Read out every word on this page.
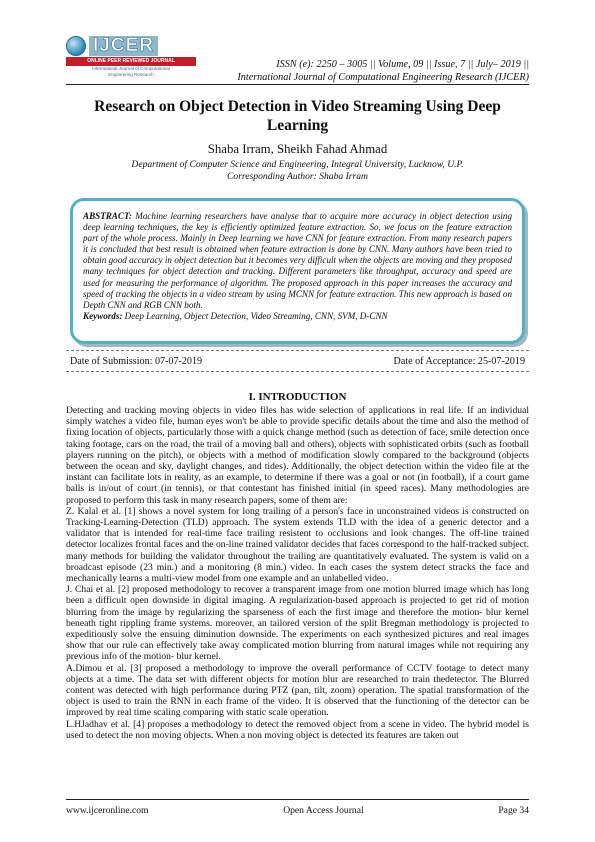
IJCER
ONLINE PEER REVIEWED JOURNAL
International Journal of Computational
Engineering Research
ISSN (e): 2250 – 3005 || Volume, 09 || Issue, 7 || July– 2019 ||
International Journal of Computational Engineering Research (IJCER)
Research on Object Detection in Video Streaming Using Deep Learning
Shaba Irram, Sheikh Fahad Ahmad
Department of Computer Science and Engineering, Integral University, Lucknow, U.P.
Corresponding Author: Shaba Irram
ABSTRACT: Machine learning researchers have analyse that to acquire more accuracy in object detection using deep learning techniques, the key is efficiently optimized feature extraction. So, we focus on the feature extraction part of the whole process. Mainly in Deep learning we have CNN for feature extraction. From many research papers it is concluded that best result is obtained when feature extraction is done by CNN. Many authors have been tried to obtain good accuracy in object detection but it becomes very difficult when the objects are moving and they proposed many techniques for object detection and tracking. Different parameters like throughput, accuracy and speed are used for measuring the performance of algorithm. The proposed approach in this paper increases the accuracy and speed of tracking the objects in a video stream by using MCNN for feature extraction. This new approach is based on Depth CNN and RGB CNN both.
Keywords: Deep Learning, Object Detection, Video Streaming, CNN, SVM, D-CNN
Date of Submission: 07-07-2019	Date of Acceptance: 25-07-2019
I. INTRODUCTION

Detecting and tracking moving objects in video files has wide selection of applications in real life. If an individual simply watches a video file, human eyes won't be able to provide specific details about the time and also the method of fixing location of objects, particularly those with a quick change method (such as detection of face, smile detection once taking footage, cars on the road, the trail of a moving ball and others), objects with sophisticated orbits (such as football players running on the pitch), or objects with a method of modification slowly compared to the background (objects between the ocean and sky, daylight changes, and tides). Additionally, the object detection within the video file at the instant can facilitate lots in reality, as an example, to determine if there was a goal or not (in football), if a court game balls is in/out of court (in tennis), or that contestant has finished initial (in speed races). Many methodologies are proposed to perform this task in many research papers, some of them are:

Z. Kalal et al. [1] shows a novel system for long trailing of a person's face in unconstrained videos is constructed on Tracking-Learning-Detection (TLD) approach. The system extends TLD with the idea of a generic detector and a validator that is intended for real-time face trailing resistent to occlusions and look changes. The off-line trained detector localizes frontal faces and the on-line trained validator decides that faces correspond to the half-tracked subject. many methods for building the validator throughout the trailing are quantitatively evaluated. The system is valid on a broadcast episode (23 min.) and a monitoring (8 min.) video. In each cases the system detect stracks the face and mechanically learns a multi-view model from one example and an unlabelled video.

J. Chai et al. [2] proposed methodology to recover a transparent image from one motion blurred image which has long been a difficult open downside in digital imaging. A regularization-based approach is projected to get rid of motion blurring from the image by regularizing the sparseness of each the first image and therefore the motion- blur kernel beneath tight rippling frame systems. moreover, an tailored version of the split Bregman methodology is projected to expeditiously solve the ensuing diminution downside. The experiments on each synthesized pictures and real images show that our rule can effectively take away complicated motion blurring from natural images while not requiring any previous info of the motion- blur kernel.

A.Dimou et al. [3] proposed a methodology to improve the overall performance of CCTV footage to detect many objects at a time. The data set with different objects for motion blur are researched to train thedetector. The Blurred content was detected with high performance during PTZ (pan, tilt, zoom) operation. The spatial transformation of the object is used to train the RNN in each frame of the video. It is observed that the functioning of the detector can be improved by real time scaling comparing with static scale operation.

L.HJadhav et al. [4] proposes a methodology to detect the removed object from a scene in video. The hybrid model is used to detect the non moving objects. When a non moving object is detected its features are taken out

www.ijceronline.com	Open Access Journal	Page 34
